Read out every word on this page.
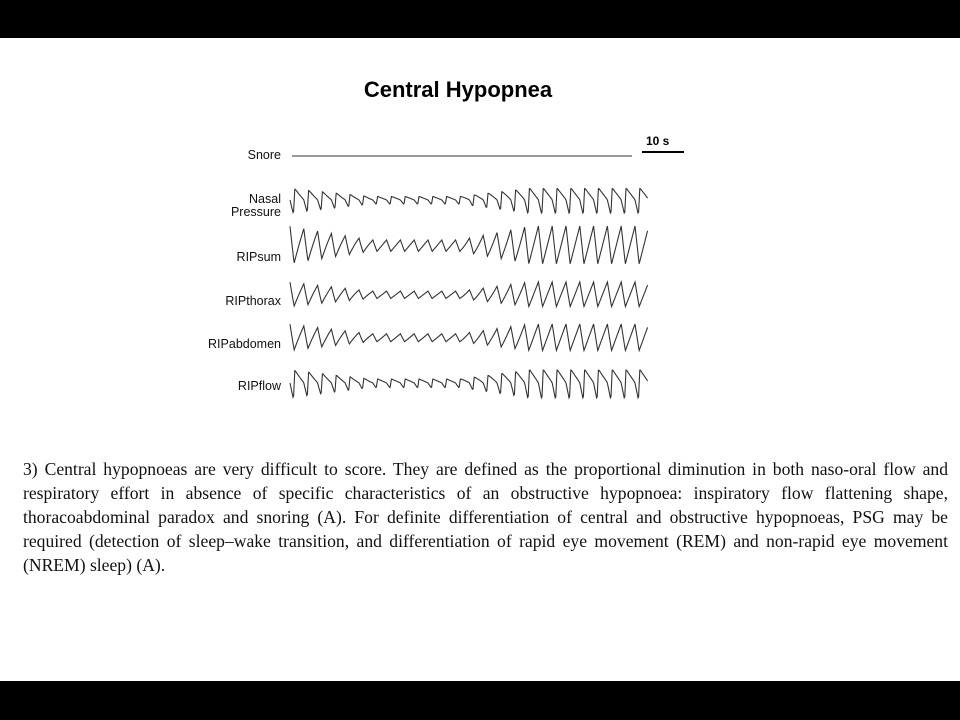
Central Hypopnea
Snore
Nasal
Pressure
RIPsum
RIPthorax
RIPabdomen
RIPflow
10 s

3) Central hypopnoeas are very difficult to score. They are defined as the proportional diminution in both naso-oral flow and respiratory effort in absence of specific characteristics of an obstructive hypopnoea: inspiratory flow flattening shape, thoracoabdominal paradox and snoring (A). For definite differentiation of central and obstructive hypopnoeas, PSG may be required (detection of sleep–wake transition, and differentiation of rapid eye movement (REM) and non-rapid eye movement (NREM) sleep) (A).
